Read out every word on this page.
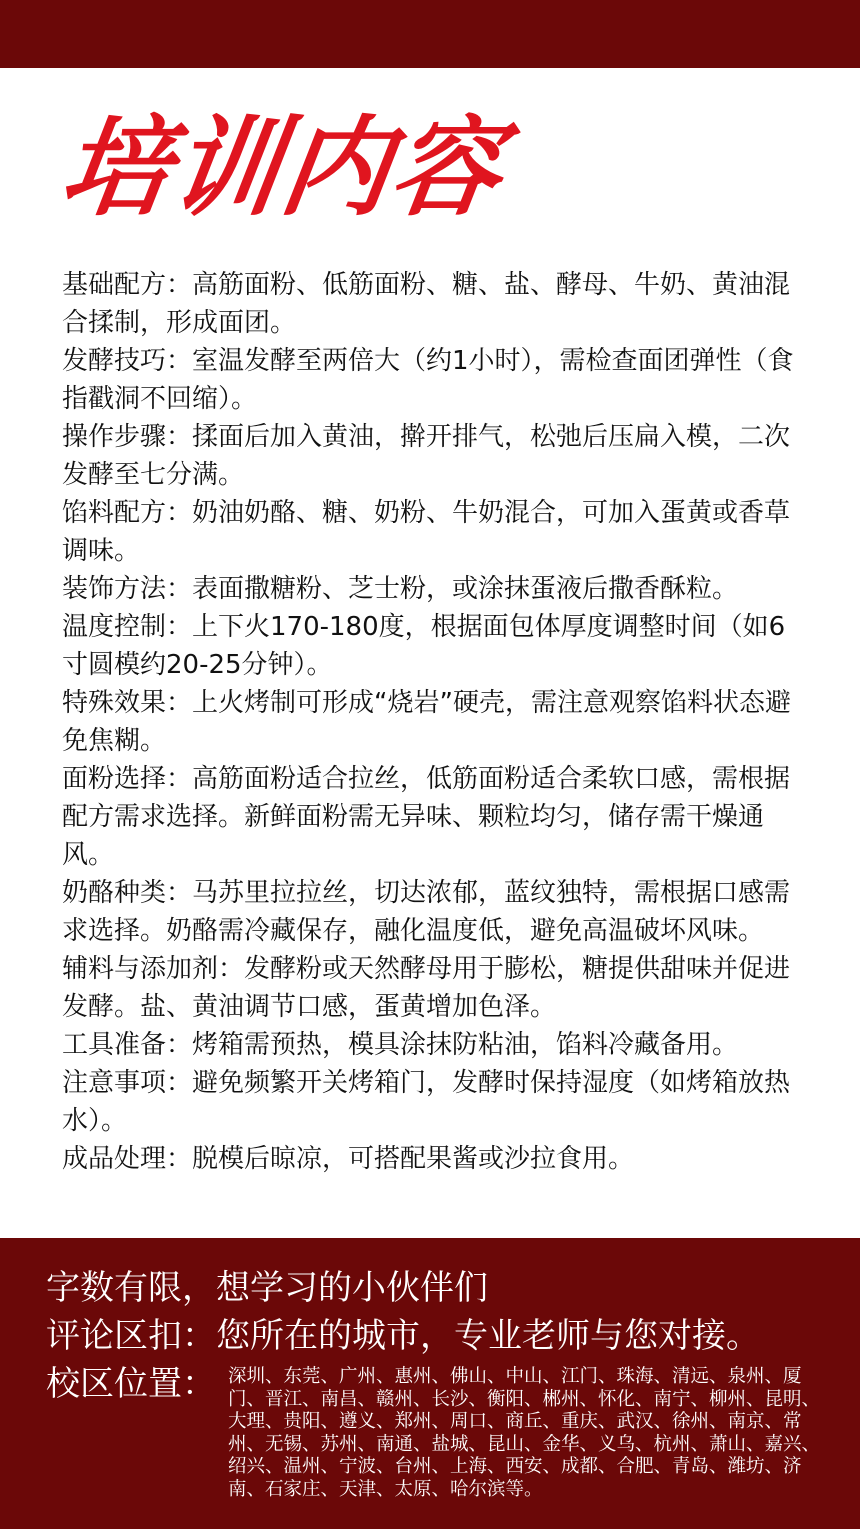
培训内容

基础配方：高筋面粉、低筋面粉、糖、盐、酵母、牛奶、黄油混合揉制，形成面团。

发酵技巧：室温发酵至两倍大（约1小时），需检查面团弹性（食指戳洞不回缩）。

操作步骤：揉面后加入黄油，擀开排气，松弛后压扁入模，二次发酵至七分满。

馅料配方：奶油奶酪、糖、奶粉、牛奶混合，可加入蛋黄或香草调味。

装饰方法：表面撒糖粉、芝士粉，或涂抹蛋液后撒香酥粒。

温度控制：上下火170-180度，根据面包体厚度调整时间（如6寸圆模约20-25分钟）。

特殊效果：上火烤制可形成“烧岩”硬壳，需注意观察馅料状态避免焦糊。

面粉选择：高筋面粉适合拉丝，低筋面粉适合柔软口感，需根据配方需求选择。新鲜面粉需无异味、颗粒均匀，储存需干燥通风。

奶酪种类：马苏里拉拉丝，切达浓郁，蓝纹独特，需根据口感需求选择。奶酪需冷藏保存，融化温度低，避免高温破坏风味。

辅料与添加剂：发酵粉或天然酵母用于膨松，糖提供甜味并促进发酵。盐、黄油调节口感，蛋黄增加色泽。

工具准备：烤箱需预热，模具涂抹防粘油，馅料冷藏备用。

注意事项：避免频繁开关烤箱门，发酵时保持湿度（如烤箱放热水）。

成品处理：脱模后晾凉，可搭配果酱或沙拉食用。

字数有限，想学习的小伙伴们
评论区扣：您所在的城市，专业老师与您对接。
校区位置： 深圳、东莞、广州、惠州、佛山、中山、江门、珠海、清远、泉州、厦门、晋江、南昌、赣州、长沙、衡阳、郴州、怀化、南宁、柳州、昆明、大理、贵阳、遵义、郑州、周口、商丘、重庆、武汉、徐州、南京、常州、无锡、苏州、南通、盐城、昆山、金华、义乌、杭州、萧山、嘉兴、绍兴、温州、宁波、台州、上海、西安、成都、合肥、青岛、潍坊、济南、石家庄、天津、太原、哈尔滨等。
